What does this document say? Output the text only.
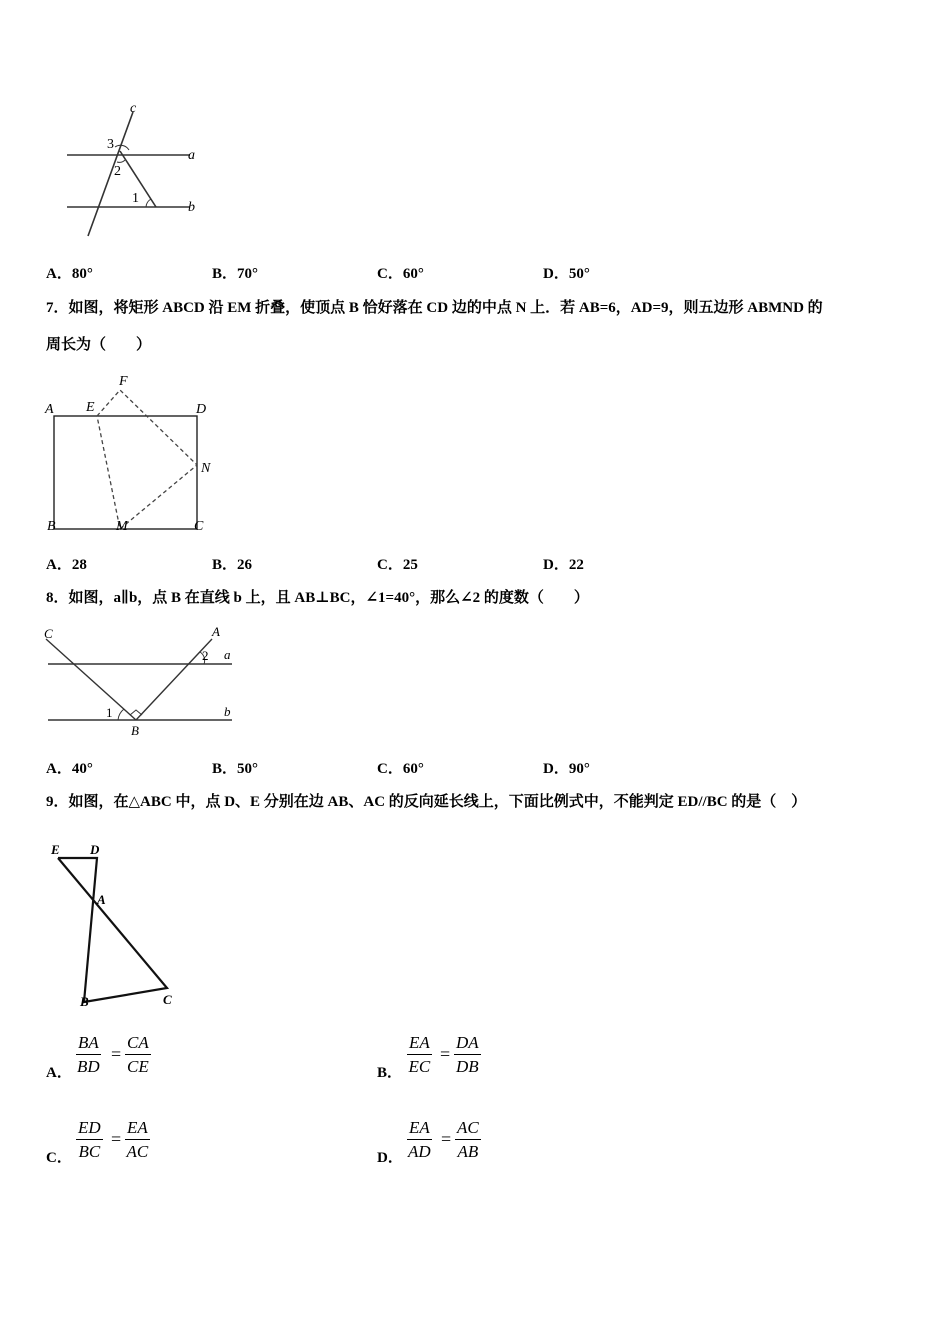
c
a
b
3
2
1
A．80°	B．70°	C．60°	D．50°
7．如图，将矩形 ABCD 沿 EM 折叠，使顶点 B 恰好落在 CD 边的中点 N 上．若 AB=6，AD=9，则五边形 ABMND 的
周长为（　　）
A E
F
D
N
B	M	C
A．28	B．26	C．25	D．22
8．如图，a∥b，点 B 在直线 b 上，且 AB⊥BC，∠1=40°，那么∠2 的度数（　　）
C	A
a
b
B
1
2
A．40°	B．50°	C．60°	D．90°
9．如图，在△ABC 中，点 D、E 分别在边 AB、AC 的反向延长线上，下面比例式中，不能判定 ED//BC 的是（　）
E D
A
B	C
A． $\frac{BA}{BD} = \frac{CA}{CE}$	B． $\frac{EA}{EC} = \frac{DA}{DB}$
C． $\frac{ED}{BC} = \frac{EA}{AC}$	D． $\frac{EA}{AD} = \frac{AC}{AB}$
